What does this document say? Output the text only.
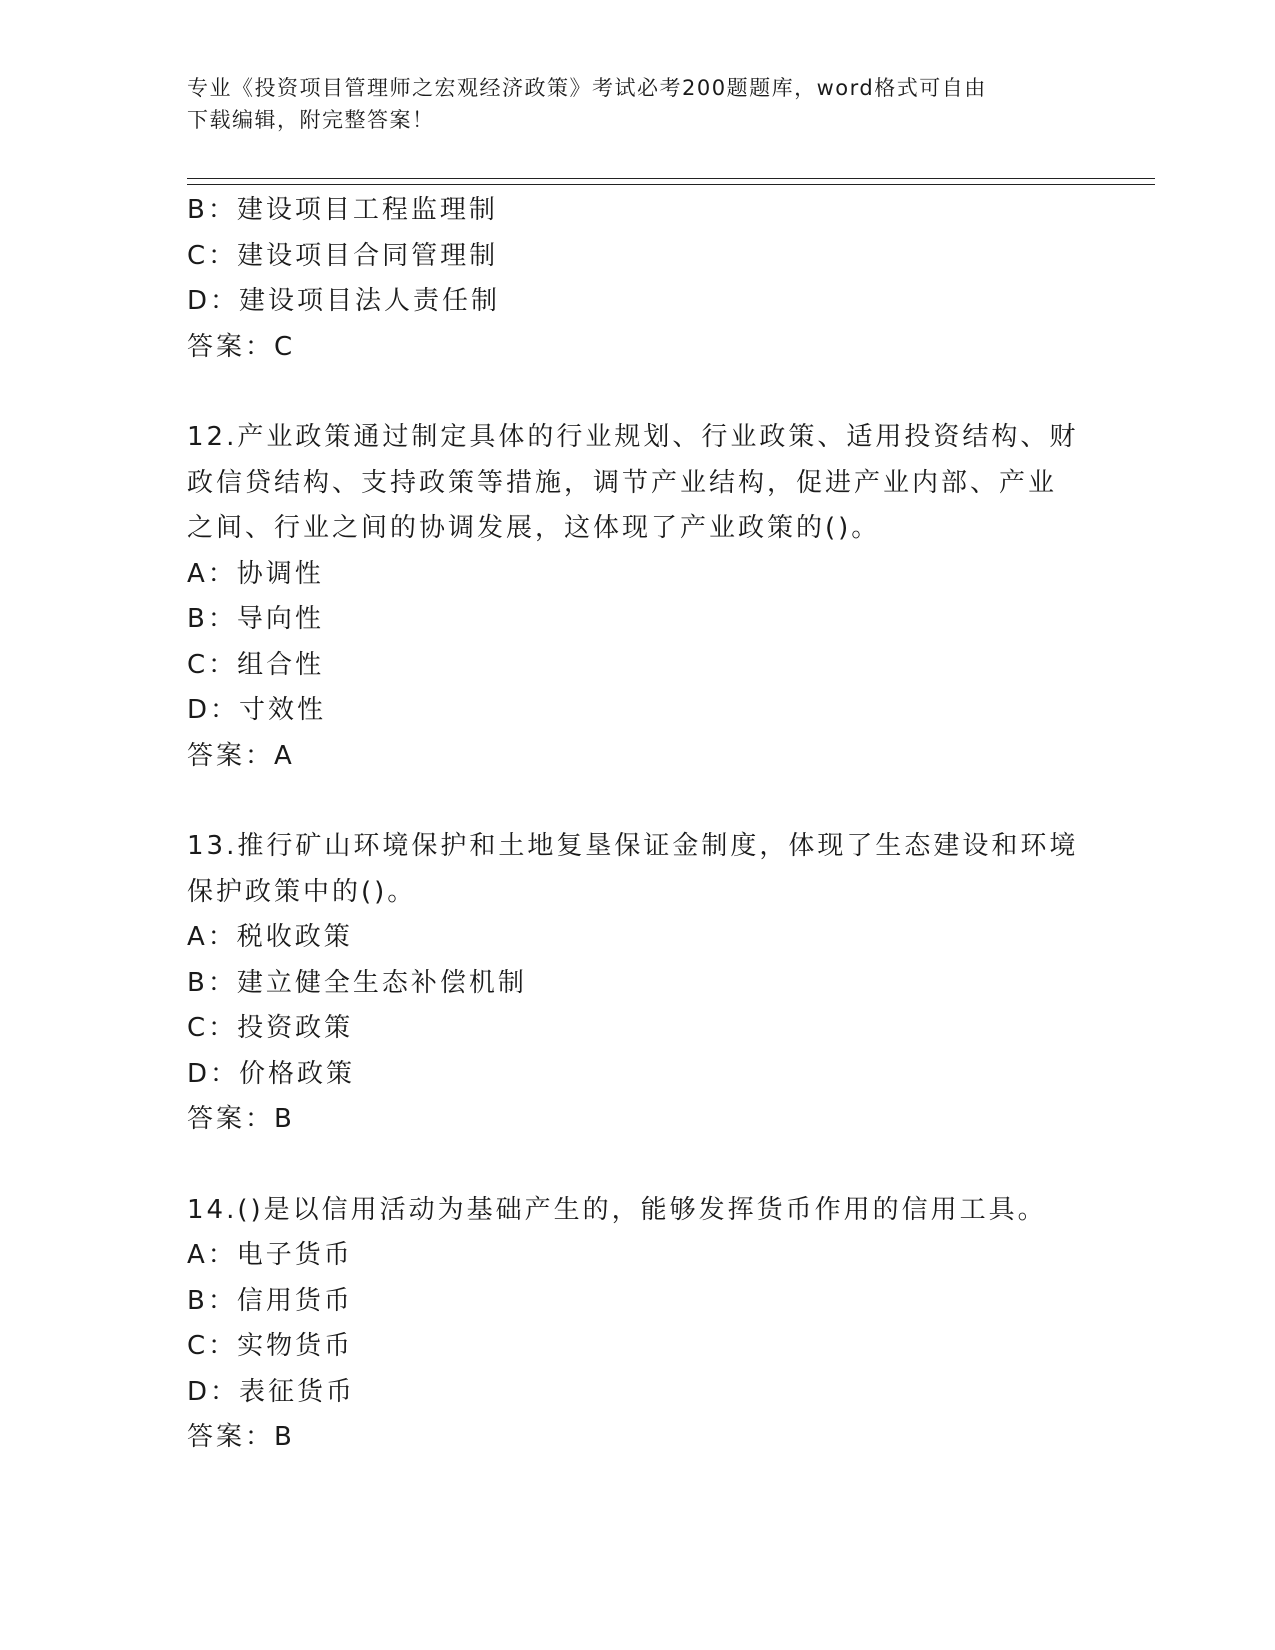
专业《投资项目管理师之宏观经济政策》考试必考200题题库，word格式可自由
下载编辑，附完整答案！
B：建设项目工程监理制
C：建设项目合同管理制
D：建设项目法人责任制
答案：C
12.产业政策通过制定具体的行业规划、行业政策、适用投资结构、财
政信贷结构、支持政策等措施，调节产业结构，促进产业内部、产业
之间、行业之间的协调发展，这体现了产业政策的()。
A：协调性
B：导向性
C：组合性
D：寸效性
答案：A
13.推行矿山环境保护和土地复垦保证金制度，体现了生态建设和环境
保护政策中的()。
A：税收政策
B：建立健全生态补偿机制
C：投资政策
D：价格政策
答案：B
14.()是以信用活动为基础产生的，能够发挥货币作用的信用工具。
A：电子货币
B：信用货币
C：实物货币
D：表征货币
答案：B
